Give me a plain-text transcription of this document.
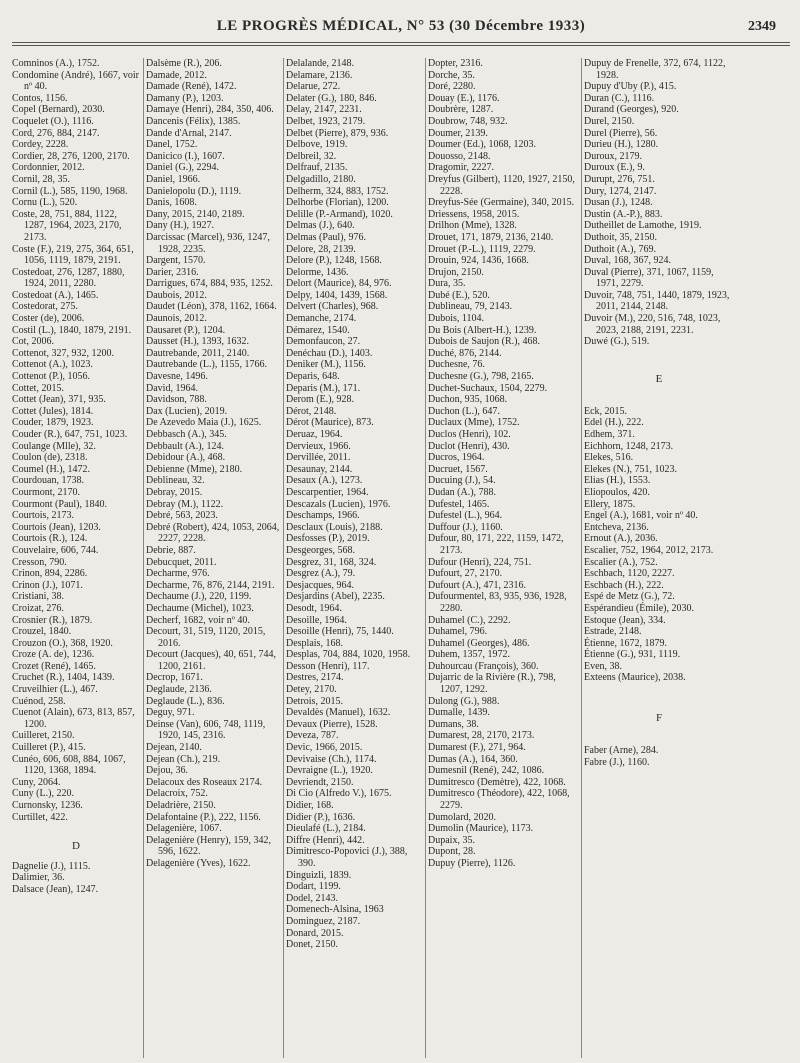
LE PROGRÈS MÉDICAL, N° 53 (30 Décembre 1933)	2349
Comninos (A.), 1752.
Condomine (André), 1667, voir nº 40.
Contos, 1156.
Copel (Bernard), 2030.
Coquelet (O.), 1116.
Cord, 276, 884, 2147.
Cordey, 2228.
Cordier, 28, 276, 1200, 2170.
Cordonnier, 2012.
Cornil, 28, 35.
Cornil (L.), 585, 1190, 1968.
Cornu (L.), 520.
Coste, 28, 751, 884, 1122, 1287, 1964, 2023, 2170, 2173.
Coste (F.), 219, 275, 364, 651, 1056, 1119, 1879, 2191.
Costedoat, 276, 1287, 1880, 1924, 2011, 2280.
Costedoat (A.), 1465.
Costedorat, 275.
Coster (de), 2006.
Costil (L.), 1840, 1879, 2191.
Cot, 2006.
Cottenot, 327, 932, 1200.
Cottenot (A.), 1023.
Cottenot (P.), 1056.
Cottet, 2015.
Cottet (Jean), 371, 935.
Cottet (Jules), 1814.
Couder, 1879, 1923.
Couder (R.), 647, 751, 1023.
Coulange (Mlle), 32.
Coulon (de), 2318.
Coumel (H.), 1472.
Courdouan, 1738.
Courmont, 2170.
Courmont (Paul), 1840.
Courtois, 2173.
Courtois (Jean), 1203.
Courtois (R.), 124.
Couvelaire, 606, 744.
Cresson, 790.
Crinon, 894, 2286.
Crinon (J.), 1071.
Cristiani, 38.
Croizat, 276.
Crosnier (R.), 1879.
Crouzel, 1840.
Crouzon (O.), 368, 1920.
Croze (A. de), 1236.
Crozet (René), 1465.
Cruchet (R.), 1404, 1439.
Cruveilhier (L.), 467.
Cuénod, 258.
Cuenot (Alain), 673, 813, 857, 1200.
Cuilleret, 2150.
Cuilleret (P.), 415.
Cunéo, 606, 608, 884, 1067, 1120, 1368, 1894.
Cuny, 2064.
Cuny (L.), 220.
Curnonsky, 1236.
Curtillet, 422.
D
Dagnelie (J.), 1115.
Dalimier, 36.
Dalsace (Jean), 1247.
Dalsème (R.), 206.
Damade, 2012.
Damade (René), 1472.
Damany (P.), 1203.
Damaye (Henri), 284, 350, 406.
Dancenis (Félix), 1385.
Dande d'Arnal, 2147.
Danel, 1752.
Danicico (I.), 1607.
Daniel (G.), 2294.
Daniel, 1966.
Danielopolu (D.), 1119.
Danis, 1608.
Dany, 2015, 2140, 2189.
Dany (H.), 1927.
Darcissac (Marcel), 936, 1247, 1928, 2235.
Dargent, 1570.
Darier, 2316.
Darrigues, 674, 884, 935, 1252.
Daubois, 2012.
Daudet (Léon), 378, 1162, 1664.
Daunois, 2012.
Dausaret (P.), 1204.
Dausset (H.), 1393, 1632.
Dautrebande, 2011, 2140.
Dautrebande (L.), 1155, 1766.
Davesne, 1496.
David, 1964.
Davidson, 788.
Dax (Lucien), 2019.
De Azevedo Maia (J.), 1625.
Debbasch (A.), 345.
Debbault (A.), 124.
Debidour (A.), 468.
Debienne (Mme), 2180.
Deblineau, 32.
Debray, 2015.
Debray (M.), 1122.
Debré, 563, 2023.
Debré (Robert), 424, 1053, 2064, 2227, 2228.
Debrie, 887.
Debucquet, 2011.
Decharme, 976.
Decharme, 76, 876, 2144, 2191.
Dechaume (J.), 220, 1199.
Dechaume (Michel), 1023.
Decherf, 1682, voir nº 40.
Decourt, 31, 519, 1120, 2015, 2016.
Decourt (Jacques), 40, 651, 744, 1200, 2161.
Decrop, 1671.
Deglaude, 2136.
Deglaude (L.), 836.
Deguy, 971.
Deinse (Van), 606, 748, 1119, 1920, 145, 2316.
Dejean, 2140.
Dejean (Ch.), 219.
Dejou, 36.
Delacoux des Roseaux 2174.
Delacroix, 752.
Deladrière, 2150.
Delafontaine (P.), 222, 1156.
Delagenière, 1067.
Delagenière (Henry), 159, 342, 596, 1622.
Delagenière (Yves), 1622.
Delalande, 2148.
Delamare, 2136.
Delarue, 272.
Delater (G.), 180, 846.
Delay, 2147, 2231.
Delbet, 1923, 2179.
Delbet (Pierre), 879, 936.
Delbove, 1919.
Delbreil, 32.
Delfrauf, 2135.
Delgadillo, 2180.
Delherm, 324, 883, 1752.
Delhorbe (Florian), 1200.
Delille (P.-Armand), 1020.
Delmas (J.), 640.
Delmas (Paul), 976.
Delore, 28, 2139.
Delore (P.), 1248, 1568.
Delorme, 1436.
Delort (Maurice), 84, 976.
Delpy, 1404, 1439, 1568.
Delvert (Charles), 968.
Demanche, 2174.
Démarez, 1540.
Demonfaucon, 27.
Denéchau (D.), 1403.
Deniker (M.), 1156.
Deparis, 648.
Deparis (M.), 171.
Derom (E.), 928.
Dérot, 2148.
Dérot (Maurice), 873.
Deruaz, 1964.
Dervieux, 1966.
Dervillée, 2011.
Desaunay, 2144.
Desaux (A.), 1273.
Descarpentier, 1964.
Descazals (Lucien), 1976.
Deschamps, 1966.
Desclaux (Louis), 2188.
Desfosses (P.), 2019.
Desgeorges, 568.
Desgrez, 31, 168, 324.
Desgrez (A.), 79.
Desjacques, 964.
Desjardins (Abel), 2235.
Desodt, 1964.
Desoille, 1964.
Desoille (Henri), 75, 1440.
Desplais, 168.
Desplas, 704, 884, 1020, 1958.
Desson (Henri), 117.
Destres, 2174.
Detey, 2170.
Detrois, 2015.
Devaldès (Manuel), 1632.
Devaux (Pierre), 1528.
Deveza, 787.
Devic, 1966, 2015.
Devivaise (Ch.), 1174.
Devraigne (L.), 1920.
Devriendt, 2150.
Di Cio (Alfredo V.), 1675.
Didier, 168.
Didier (P.), 1636.
Dieulafé (L.), 2184.
Diffre (Henri), 442.
Dimitresco-Popovici (J.), 388, 390.
Dinguizli, 1839.
Dodart, 1199.
Dodel, 2143.
Domenech-Alsina, 1963
Dominguez, 2187.
Donard, 2015.
Donet, 2150.
Dopter, 2316.
Dorche, 35.
Doré, 2280.
Douay (E.), 1176.
Doubrère, 1287.
Doubrow, 748, 932.
Doumer, 2139.
Doumer (Ed.), 1068, 1203.
Douosso, 2148.
Dragomir, 2227.
Dreyfus (Gilbert), 1120, 1927, 2150, 2228.
Dreyfus-Sée (Germaine), 340, 2015.
Driessens, 1958, 2015.
Drilhon (Mme), 1328.
Drouet, 171, 1879, 2136, 2140.
Drouet (P.-L.), 1119, 2279.
Drouin, 924, 1436, 1668.
Drujon, 2150.
Dura, 35.
Dubé (E.), 520.
Dublineau, 79, 2143.
Dubois, 1104.
Du Bois (Albert-H.), 1239.
Dubois de Saujon (R.), 468.
Duché, 876, 2144.
Duchesne, 76.
Duchesne (G.), 798, 2165.
Duchet-Suchaux, 1504, 2279.
Duchon, 935, 1068.
Duchon (L.), 647.
Duclaux (Mme), 1752.
Duclos (Henri), 102.
Duclot (Henri), 430.
Ducros, 1964.
Ducruet, 1567.
Ducuing (J.), 54.
Dudan (A.), 788.
Dufestel, 1465.
Dufestel (L.), 964.
Duffour (J.), 1160.
Dufour, 80, 171, 222, 1159, 1472, 2173.
Dufour (Henri), 224, 751.
Dufourt, 27, 2170.
Dufourt (A.), 471, 2316.
Dufourmentel, 83, 935, 936, 1928, 2280.
Duhamel (C.), 2292.
Duhamel, 796.
Duhamel (Georges), 486.
Duhem, 1357, 1972.
Duhourcau (François), 360.
Dujarric de la Rivière (R.), 798, 1207, 1292.
Dulong (G.), 988.
Dumalle, 1439.
Dumans, 38.
Dumarest, 28, 2170, 2173.
Dumarest (F.), 271, 964.
Dumas (A.), 164, 360.
Dumesnil (René), 242, 1086.
Dumitresco (Demètre), 422, 1068.
Dumitresco (Théodore), 422, 1068, 2279.
Dumolard, 2020.
Dumolin (Maurice), 1173.
Dupaix, 35.
Dupont, 28.
Dupuy (Pierre), 1126.
Dupuy de Frenelle, 372, 674, 1122, 1928.
Dupuy d'Uby (P.), 415.
Duran (C.), 1116.
Durand (Georges), 920.
Durel, 2150.
Durel (Pierre), 56.
Durieu (H.), 1280.
Duroux, 2179.
Duroux (E.), 9.
Durupt, 276, 751.
Dury, 1274, 2147.
Dusan (J.), 1248.
Dustin (A.-P.), 883.
Dutheillet de Lamothe, 1919.
Duthoit, 35, 2150.
Duthoit (A.), 769.
Duval, 168, 367, 924.
Duval (Pierre), 371, 1067, 1159, 1971, 2279.
Duvoir, 748, 751, 1440, 1879, 1923, 2011, 2144, 2148.
Duvoir (M.), 220, 516, 748, 1023, 2023, 2188, 2191, 2231.
Duwé (G.), 519.
E
Eck, 2015.
Edel (H.), 222.
Edhem, 371.
Eichhorn, 1248, 2173.
Elekes, 516.
Elekes (N.), 751, 1023.
Elias (H.), 1553.
Eliopoulos, 420.
Ellery, 1875.
Engel (A.), 1681, voir nº 40.
Entcheva, 2136.
Ernout (A.), 2036.
Escalier, 752, 1964, 2012, 2173.
Escalier (A.), 752.
Eschbach, 1120, 2227.
Eschbach (H.), 222.
Espé de Metz (G.), 72.
Espérandieu (Émile), 2030.
Estoque (Jean), 334.
Estrade, 2148.
Étienne, 1672, 1879.
Étienne (G.), 931, 1119.
Even, 38.
Exteens (Maurice), 2038.
F
Faber (Arne), 284.
Fabre (J.), 1160.
